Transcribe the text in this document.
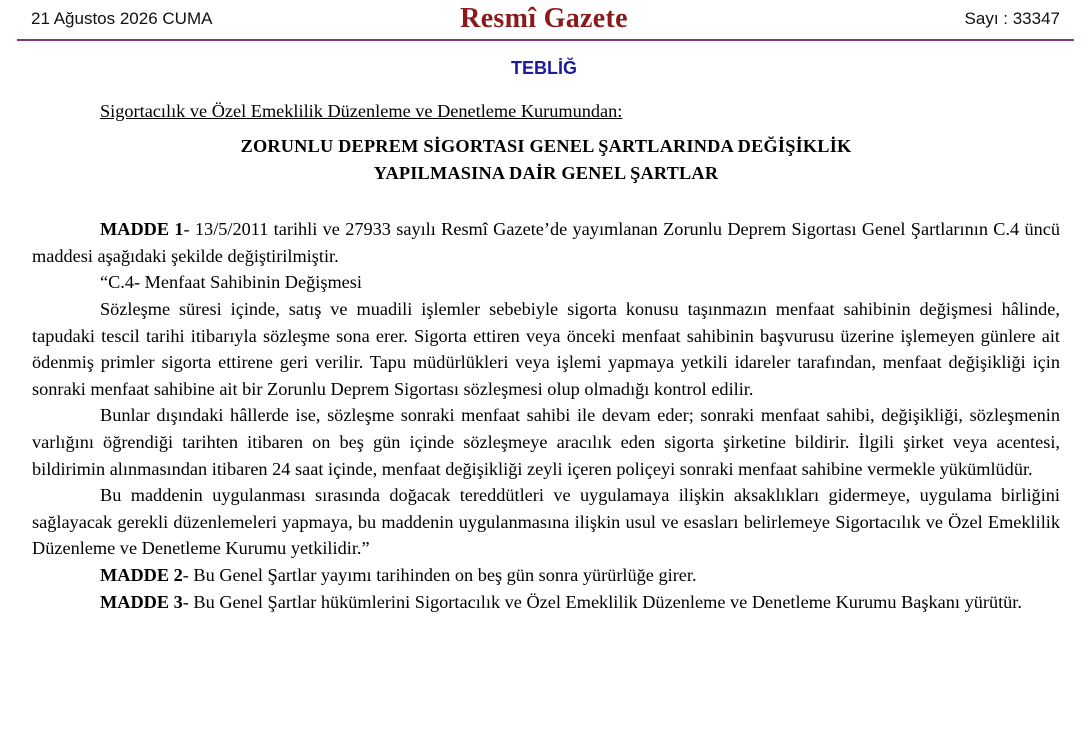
21 Ağustos 2026 CUMA	Resmî Gazete	Sayı : 33347
TEBLİĞ
Sigortacılık ve Özel Emeklilik Düzenleme ve Denetleme Kurumundan:
ZORUNLU DEPREM SİGORTASI GENEL ŞARTLARINDA DEĞİŞİKLİK
YAPILMASINA DAİR GENEL ŞARTLAR

MADDE 1- 13/5/2011 tarihli ve 27933 sayılı Resmî Gazete’de yayımlanan Zorunlu Deprem Sigortası Genel Şartlarının C.4 üncü maddesi aşağıdaki şekilde değiştirilmiştir.

“C.4- Menfaat Sahibinin Değişmesi

Sözleşme süresi içinde, satış ve muadili işlemler sebebiyle sigorta konusu taşınmazın menfaat sahibinin değişmesi hâlinde, tapudaki tescil tarihi itibarıyla sözleşme sona erer. Sigorta ettiren veya önceki menfaat sahibinin başvurusu üzerine işlemeyen günlere ait ödenmiş primler sigorta ettirene geri verilir. Tapu müdürlükleri veya işlemi yapmaya yetkili idareler tarafından, menfaat değişikliği için sonraki menfaat sahibine ait bir Zorunlu Deprem Sigortası sözleşmesi olup olmadığı kontrol edilir.

Bunlar dışındaki hâllerde ise, sözleşme sonraki menfaat sahibi ile devam eder; sonraki menfaat sahibi, değişikliği, sözleşmenin varlığını öğrendiği tarihten itibaren on beş gün içinde sözleşmeye aracılık eden sigorta şirketine bildirir. İlgili şirket veya acentesi, bildirimin alınmasından itibaren 24 saat içinde, menfaat değişikliği zeyli içeren poliçeyi sonraki menfaat sahibine vermekle yükümlüdür.

Bu maddenin uygulanması sırasında doğacak tereddütleri ve uygulamaya ilişkin aksaklıkları gidermeye, uygulama birliğini sağlayacak gerekli düzenlemeleri yapmaya, bu maddenin uygulanmasına ilişkin usul ve esasları belirlemeye Sigortacılık ve Özel Emeklilik Düzenleme ve Denetleme Kurumu yetkilidir.”

MADDE 2- Bu Genel Şartlar yayımı tarihinden on beş gün sonra yürürlüğe girer.

MADDE 3- Bu Genel Şartlar hükümlerini Sigortacılık ve Özel Emeklilik Düzenleme ve Denetleme Kurumu Başkanı yürütür.
